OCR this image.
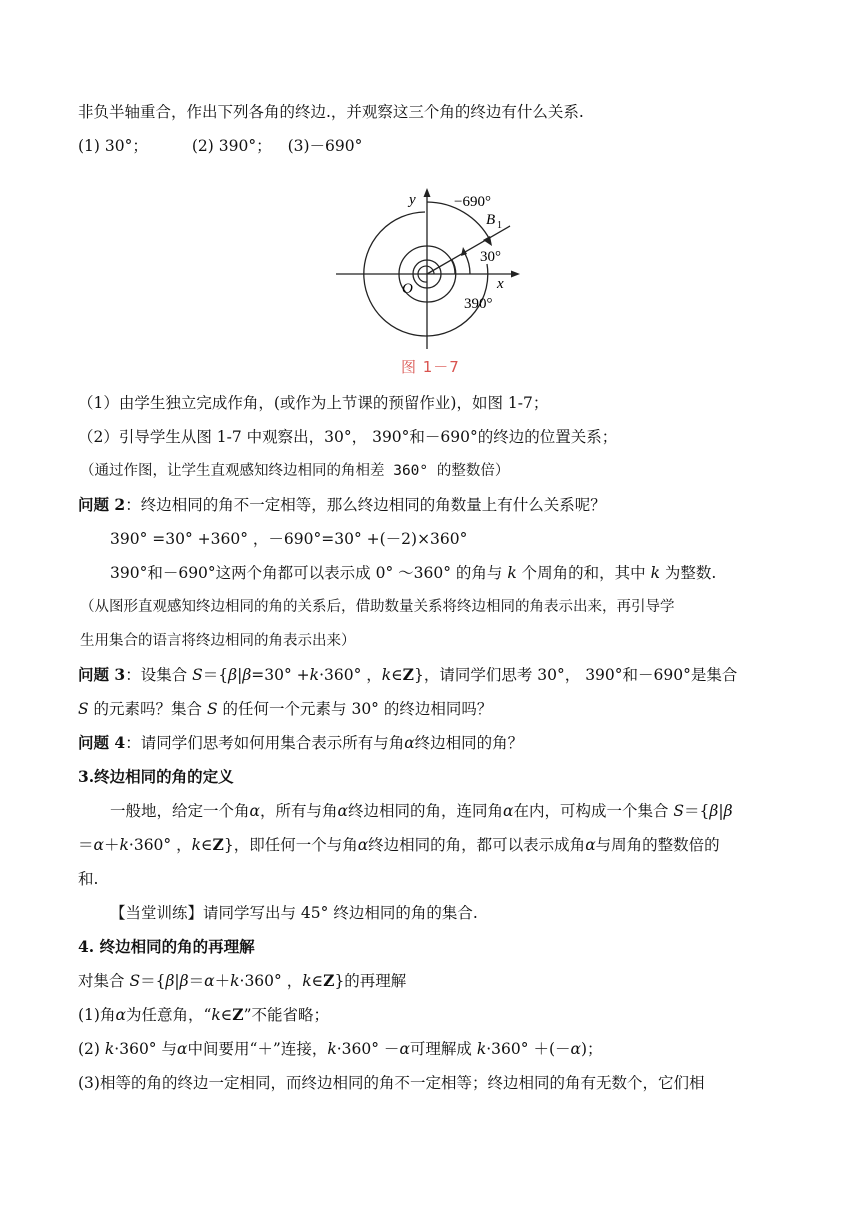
非负半轴重合，作出下列各角的终边.，并观察这三个角的终边有什么关系.
(1) 30°；	(2) 390°； (3)－690°
y
x
O
−690°
B 1
30°
390°
图 1－7
（1）由学生独立完成作角，(或作为上节课的预留作业)，如图 1-7；
（2）引导学生从图 1-7 中观察出，30°， 390°和－690°的终边的位置关系；
（通过作图，让学生直观感知终边相同的角相差 360° 的整数倍）
问题 2：终边相同的角不一定相等，那么终边相同的角数量上有什么关系呢？
390° =30° +360° ，－690°=30° +(－2)×360°
390°和－690°这两个角都可以表示成 0° ～360° 的角与 k 个周角的和，其中 k 为整数.
（从图形直观感知终边相同的角的关系后，借助数量关系将终边相同的角表示出来，再引导学
生用集合的语言将终边相同的角表示出来）
问题 3：设集合 S＝{β|β=30° +k·360° ，k∈Z}，请同学们思考 30°， 390°和－690°是集合
S 的元素吗？集合 S 的任何一个元素与 30° 的终边相同吗？
问题 4：请同学们思考如何用集合表示所有与角α终边相同的角？
3.终边相同的角的定义
一般地，给定一个角α，所有与角α终边相同的角，连同角α在内，可构成一个集合 S＝{β|β
＝α＋k·360° ，k∈Z}，即任何一个与角α终边相同的角，都可以表示成角α与周角的整数倍的
和.
【当堂训练】请同学写出与 45° 终边相同的角的集合.
4. 终边相同的角的再理解
对集合 S＝{β|β＝α＋k·360° ，k∈Z}的再理解
(1)角α为任意角，“k∈Z”不能省略；
(2) k·360° 与α中间要用“＋”连接，k·360° －α可理解成 k·360° ＋(－α)；
(3)相等的角的终边一定相同，而终边相同的角不一定相等；终边相同的角有无数个，它们相
